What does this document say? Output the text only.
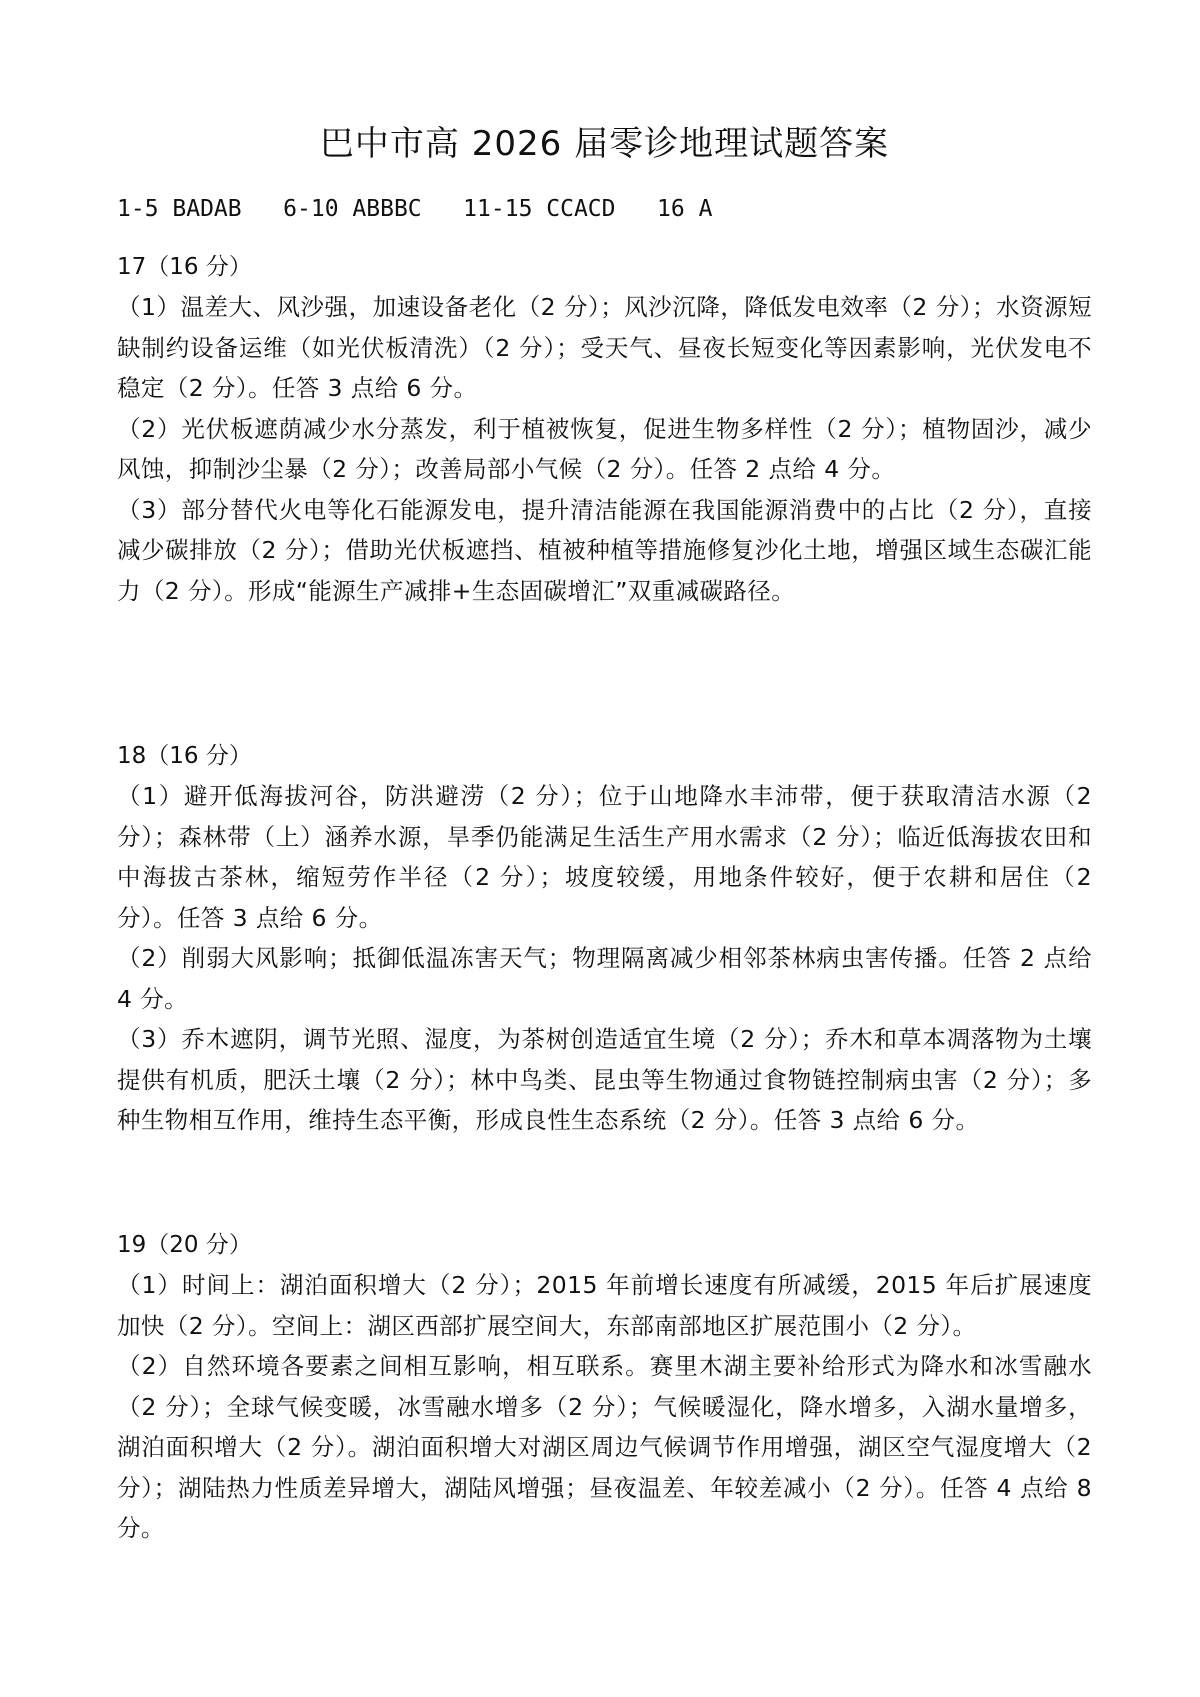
巴中市高 2026 届零诊地理试题答案

1-5 BADAB   6-10 ABBBC   11-15 CCACD   16 A

17（16 分）

（1）温差大、风沙强，加速设备老化（2 分）；风沙沉降，降低发电效率（2 分）；水资源短缺制约设备运维（如光伏板清洗）（2 分）；受天气、昼夜长短变化等因素影响，光伏发电不稳定（2 分）。任答 3 点给 6 分。

（2）光伏板遮荫减少水分蒸发，利于植被恢复，促进生物多样性（2 分）；植物固沙，减少风蚀，抑制沙尘暴（2 分）；改善局部小气候（2 分）。任答 2 点给 4 分。

（3）部分替代火电等化石能源发电，提升清洁能源在我国能源消费中的占比（2 分），直接减少碳排放（2 分）；借助光伏板遮挡、植被种植等措施修复沙化土地，增强区域生态碳汇能力（2 分）。形成“能源生产减排+生态固碳增汇”双重减碳路径。

18（16 分）

（1）避开低海拔河谷，防洪避涝（2 分）；位于山地降水丰沛带，便于获取清洁水源（2 分）；森林带（上）涵养水源，旱季仍能满足生活生产用水需求（2 分）；临近低海拔农田和中海拔古茶林，缩短劳作半径（2 分）；坡度较缓，用地条件较好，便于农耕和居住（2 分）。任答 3 点给 6 分。

（2）削弱大风影响；抵御低温冻害天气；物理隔离减少相邻茶林病虫害传播。任答 2 点给 4 分。

（3）乔木遮阴，调节光照、湿度，为茶树创造适宜生境（2 分）；乔木和草本凋落物为土壤提供有机质，肥沃土壤（2 分）；林中鸟类、昆虫等生物通过食物链控制病虫害（2 分）；多种生物相互作用，维持生态平衡，形成良性生态系统（2 分）。任答 3 点给 6 分。

19（20 分）

（1）时间上：湖泊面积增大（2 分）；2015 年前增长速度有所减缓，2015 年后扩展速度加快（2 分）。空间上：湖区西部扩展空间大，东部南部地区扩展范围小（2 分）。

（2）自然环境各要素之间相互影响，相互联系。赛里木湖主要补给形式为降水和冰雪融水（2 分）；全球气候变暖，冰雪融水增多（2 分）；气候暖湿化，降水增多，入湖水量增多，湖泊面积增大（2 分）。湖泊面积增大对湖区周边气候调节作用增强，湖区空气湿度增大（2 分）；湖陆热力性质差异增大，湖陆风增强；昼夜温差、年较差减小（2 分）。任答 4 点给 8 分。
